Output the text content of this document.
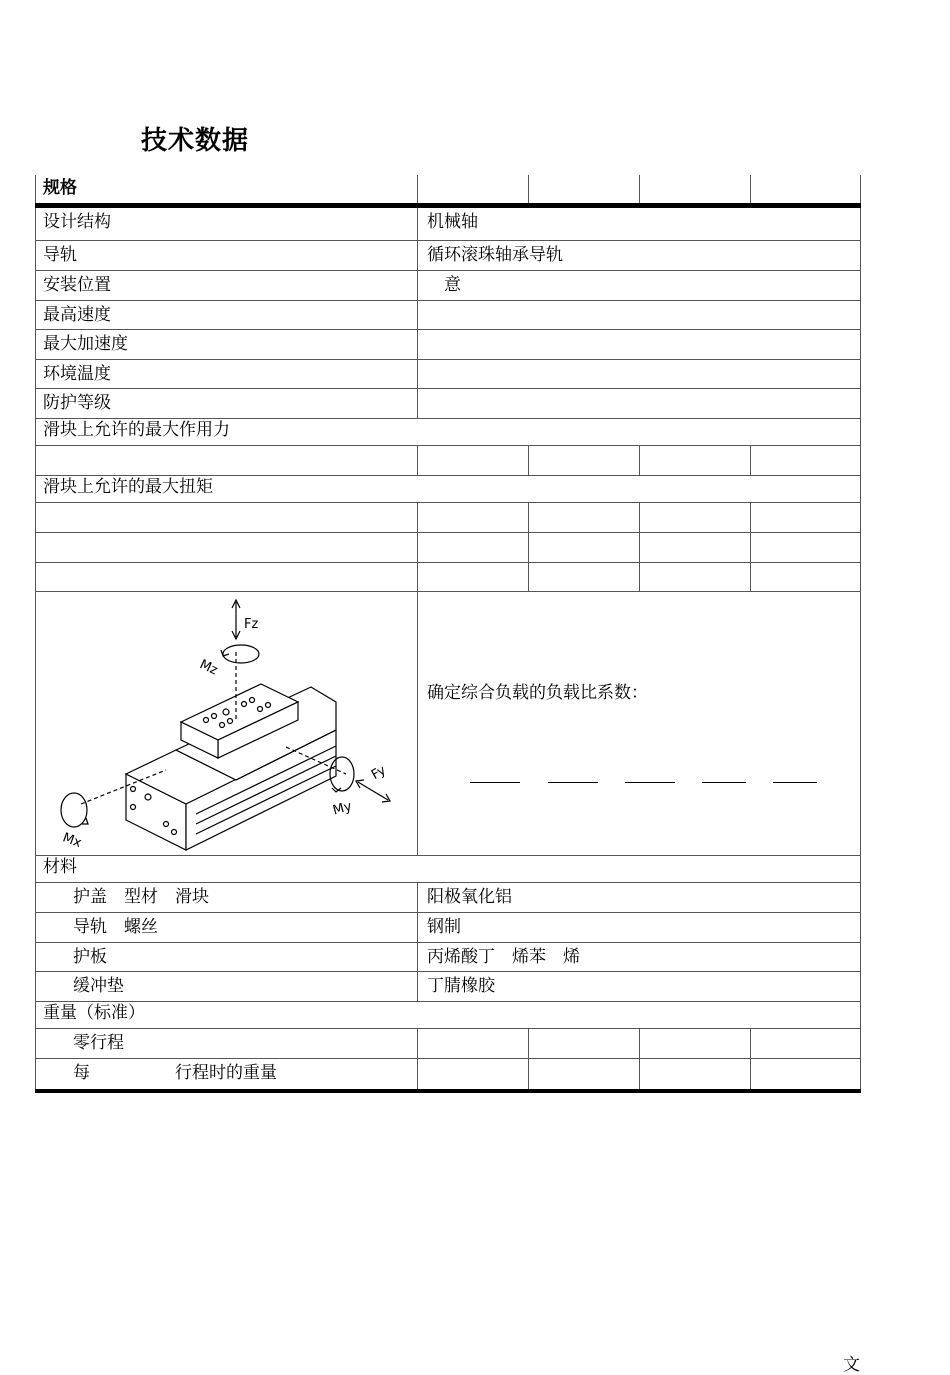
技术数据
规格
设计结构	机械轴
导轨	循环滚珠轴承导轨
安装位置	　意
最高速度
最大加速度
环境温度
防护等级
滑块上允许的最大作用力
滑块上允许的最大扭矩
Fz
Mz
Fy
My
Mx
确定综合负载的负载比系数：
材料
护盖　型材　滑块	阳极氧化铝
导轨　螺丝	钢制
护板	丙烯酸丁　烯苯　烯
缓冲垫	丁腈橡胶
重量（标准）
零行程
每　　　　　行程时的重量
文
